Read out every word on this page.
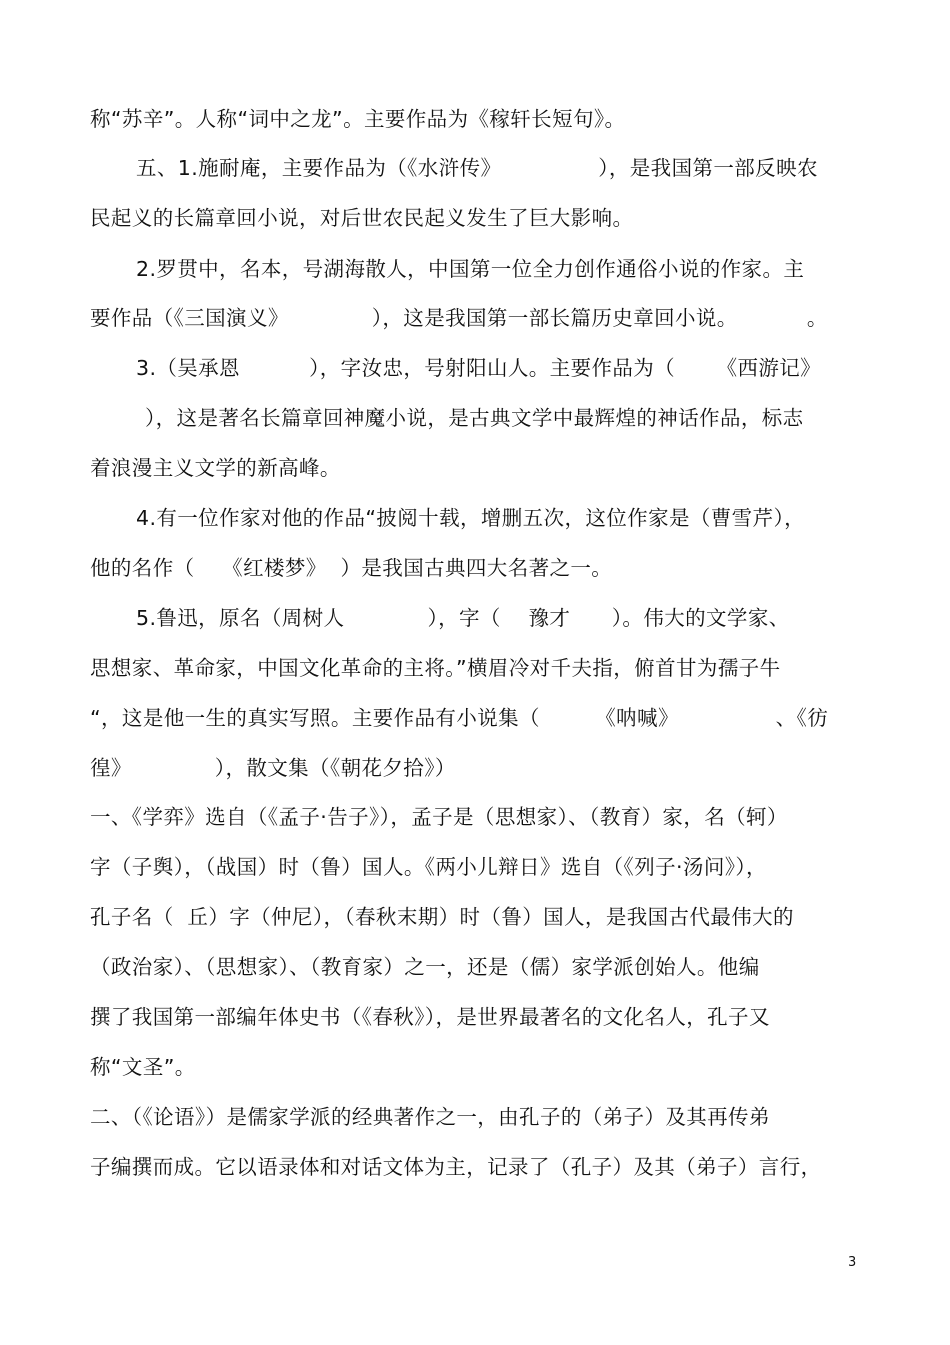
称“苏辛”。人称“词中之龙”。主要作品为《稼轩长短句》。
五、1.施耐庵，主要作品为（《水浒传》              ），是我国第一部反映农
民起义的长篇章回小说，对后世农民起义发生了巨大影响。
2.罗贯中，名本，号湖海散人，中国第一位全力创作通俗小说的作家。主
要作品（《三国演义》            ），这是我国第一部长篇历史章回小说。          。
3.（吴承恩          ），字汝忠，号射阳山人。主要作品为（      《西游记》
），这是著名长篇章回神魔小说，是古典文学中最辉煌的神话作品，标志
着浪漫主义文学的新高峰。
4.有一位作家对他的作品“披阅十载，增删五次，这位作家是（曹雪芹），
他的名作（    《红楼梦》  ）是我国古典四大名著之一。
5.鲁迅，原名（周树人            ），字（    豫才      ）。伟大的文学家、
思想家、革命家，中国文化革命的主将。”横眉冷对千夫指，俯首甘为孺子牛
“，这是他一生的真实写照。主要作品有小说集（        《呐喊》              、《彷
徨》            ），散文集（《朝花夕拾》）
一、《学弈》选自（《孟子·告子》），孟子是（思想家）、（教育）家，名（轲）
字（子舆），（战国）时（鲁）国人。《两小儿辩日》选自（《列子·汤问》），
孔子名（  丘）字（仲尼），（春秋末期）时（鲁）国人，是我国古代最伟大的
（政治家）、（思想家）、（教育家）之一，还是（儒）家学派创始人。他编
撰了我国第一部编年体史书（《春秋》），是世界最著名的文化名人，孔子又
称“文圣”。
二、（《论语》）是儒家学派的经典著作之一，由孔子的（弟子）及其再传弟
子编撰而成。它以语录体和对话文体为主，记录了（孔子）及其（弟子）言行，
3
